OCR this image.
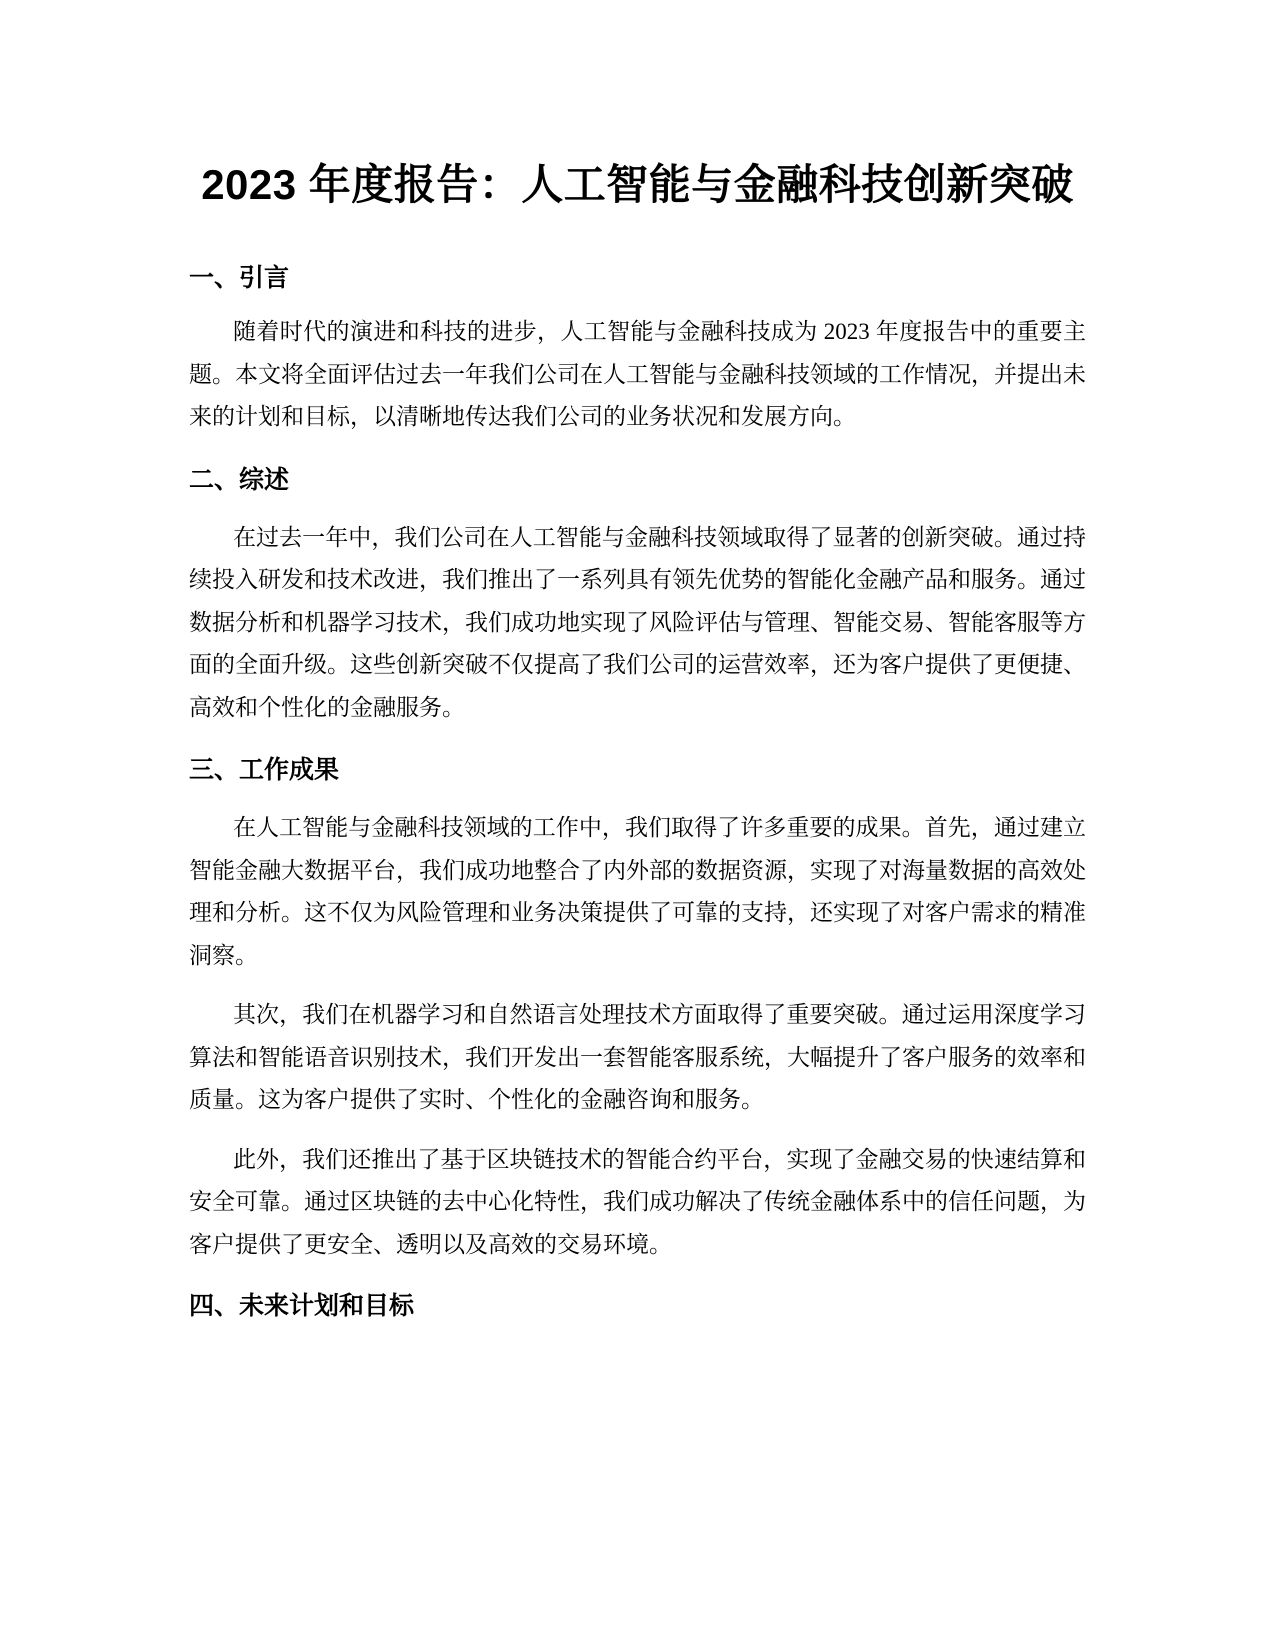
2023 年度报告：人工智能与金融科技创新突破
一、引言

随着时代的演进和科技的进步，人工智能与金融科技成为 2023 年度报告中的重要主题。本文将全面评估过去一年我们公司在人工智能与金融科技领域的工作情况，并提出未来的计划和目标，以清晰地传达我们公司的业务状况和发展方向。

二、综述

在过去一年中，我们公司在人工智能与金融科技领域取得了显著的创新突破。通过持续投入研发和技术改进，我们推出了一系列具有领先优势的智能化金融产品和服务。通过数据分析和机器学习技术，我们成功地实现了风险评估与管理、智能交易、智能客服等方面的全面升级。这些创新突破不仅提高了我们公司的运营效率，还为客户提供了更便捷、高效和个性化的金融服务。

三、工作成果

在人工智能与金融科技领域的工作中，我们取得了许多重要的成果。首先，通过建立智能金融大数据平台，我们成功地整合了内外部的数据资源，实现了对海量数据的高效处理和分析。这不仅为风险管理和业务决策提供了可靠的支持，还实现了对客户需求的精准洞察。

其次，我们在机器学习和自然语言处理技术方面取得了重要突破。通过运用深度学习算法和智能语音识别技术，我们开发出一套智能客服系统，大幅提升了客户服务的效率和质量。这为客户提供了实时、个性化的金融咨询和服务。

此外，我们还推出了基于区块链技术的智能合约平台，实现了金融交易的快速结算和安全可靠。通过区块链的去中心化特性，我们成功解决了传统金融体系中的信任问题，为客户提供了更安全、透明以及高效的交易环境。

四、未来计划和目标
